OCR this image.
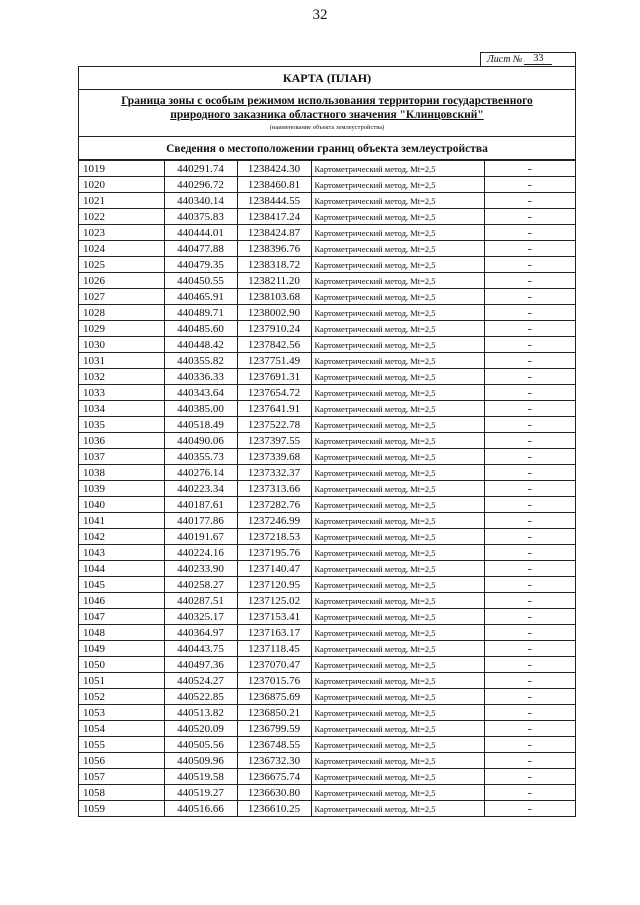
32
Лист №	33
КАРТА (ПЛАН)
Граница зоны с особым режимом использования территории государственного
природного заказника областного значения "Клинцовский"
(наименование объекта землеустройства)
Сведения о местоположении границ объекта землеустройства
1019	440291.74	1238424.30	Картометрический метод, Mt=2,5	-
1020	440296.72	1238460.81	Картометрический метод, Mt=2,5	-
1021	440340.14	1238444.55	Картометрический метод, Mt=2,5	-
1022	440375.83	1238417.24	Картометрический метод, Mt=2,5	-
1023	440444.01	1238424.87	Картометрический метод, Mt=2,5	-
1024	440477.88	1238396.76	Картометрический метод, Mt=2,5	-
1025	440479.35	1238318.72	Картометрический метод, Mt=2,5	-
1026	440450.55	1238211.20	Картометрический метод, Mt=2,5	-
1027	440465.91	1238103.68	Картометрический метод, Mt=2,5	-
1028	440489.71	1238002.90	Картометрический метод, Mt=2,5	-
1029	440485.60	1237910.24	Картометрический метод, Mt=2,5	-
1030	440448.42	1237842.56	Картометрический метод, Mt=2,5	-
1031	440355.82	1237751.49	Картометрический метод, Mt=2,5	-
1032	440336.33	1237691.31	Картометрический метод, Mt=2,5	-
1033	440343.64	1237654.72	Картометрический метод, Mt=2,5	-
1034	440385.00	1237641.91	Картометрический метод, Mt=2,5	-
1035	440518.49	1237522.78	Картометрический метод, Mt=2,5	-
1036	440490.06	1237397.55	Картометрический метод, Mt=2,5	-
1037	440355.73	1237339.68	Картометрический метод, Mt=2,5	-
1038	440276.14	1237332.37	Картометрический метод, Mt=2,5	-
1039	440223.34	1237313.66	Картометрический метод, Mt=2,5	-
1040	440187.61	1237282.76	Картометрический метод, Mt=2,5	-
1041	440177.86	1237246.99	Картометрический метод, Mt=2,5	-
1042	440191.67	1237218.53	Картометрический метод, Mt=2,5	-
1043	440224.16	1237195.76	Картометрический метод, Mt=2,5	-
1044	440233.90	1237140.47	Картометрический метод, Mt=2,5	-
1045	440258.27	1237120.95	Картометрический метод, Mt=2,5	-
1046	440287.51	1237125.02	Картометрический метод, Mt=2,5	-
1047	440325.17	1237153.41	Картометрический метод, Mt=2,5	-
1048	440364.97	1237163.17	Картометрический метод, Mt=2,5	-
1049	440443.75	1237118.45	Картометрический метод, Mt=2,5	-
1050	440497.36	1237070.47	Картометрический метод, Mt=2,5	-
1051	440524.27	1237015.76	Картометрический метод, Mt=2,5	-
1052	440522.85	1236875.69	Картометрический метод, Mt=2,5	-
1053	440513.82	1236850.21	Картометрический метод, Mt=2,5	-
1054	440520.09	1236799.59	Картометрический метод, Mt=2,5	-
1055	440505.56	1236748.55	Картометрический метод, Mt=2,5	-
1056	440509.96	1236732.30	Картометрический метод, Mt=2,5	-
1057	440519.58	1236675.74	Картометрический метод, Mt=2,5	-
1058	440519.27	1236630.80	Картометрический метод, Mt=2,5	-
1059	440516.66	1236610.25	Картометрический метод, Mt=2,5	-
